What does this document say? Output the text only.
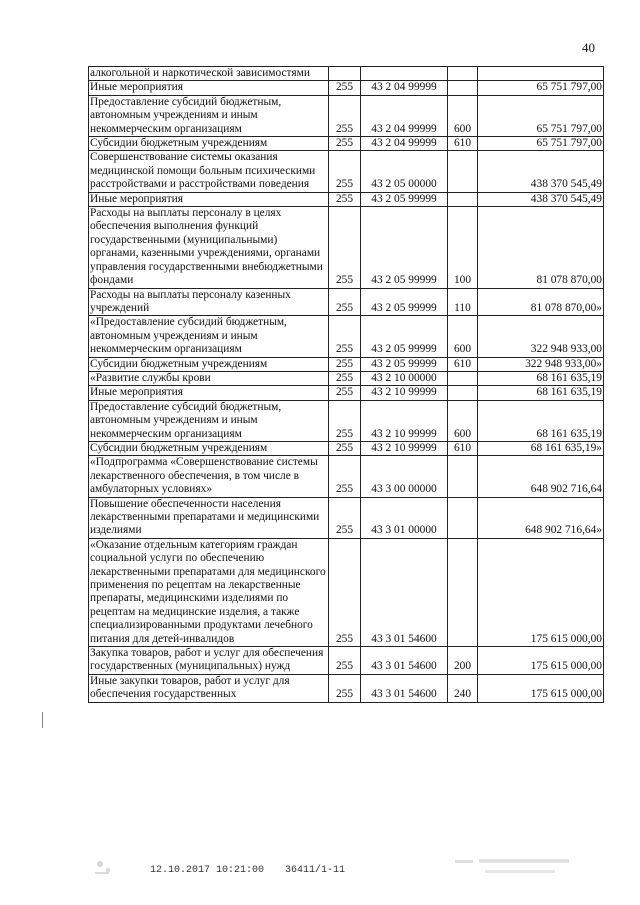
40
алкогольной и наркотической зависимостями				
Иные мероприятия	255	43 2 04 99999		65 751 797,00
Предоставление субсидий бюджетным, автономным учреждениям и иным некоммерческим организациям	255	43 2 04 99999	600	65 751 797,00
Субсидии бюджетным учреждениям	255	43 2 04 99999	610	65 751 797,00
Совершенствование системы оказания медицинской помощи больным психическими расстройствами и расстройствами поведения	255	43 2 05 00000		438 370 545,49
Иные мероприятия	255	43 2 05 99999		438 370 545,49
Расходы на выплаты персоналу в целях обеспечения выполнения функций государственными (муниципальными) органами, казенными учреждениями, органами управления государственными внебюджетными фондами	255	43 2 05 99999	100	81 078 870,00
Расходы на выплаты персоналу казенных учреждений	255	43 2 05 99999	110	81 078 870,00»
«Предоставление субсидий бюджетным, автономным учреждениям и иным некоммерческим организациям	255	43 2 05 99999	600	322 948 933,00
Субсидии бюджетным учреждениям	255	43 2 05 99999	610	322 948 933,00»
«Развитие службы крови	255	43 2 10 00000		68 161 635,19
Иные мероприятия	255	43 2 10 99999		68 161 635,19
Предоставление субсидий бюджетным, автономным учреждениям и иным некоммерческим организациям	255	43 2 10 99999	600	68 161 635,19
Субсидии бюджетным учреждениям	255	43 2 10 99999	610	68 161 635,19»
«Подпрограмма «Совершенствование системы лекарственного обеспечения, в том числе в амбулаторных условиях»	255	43 3 00 00000		648 902 716,64
Повышение обеспеченности населения лекарственными препаратами и медицинскими изделиями	255	43 3 01 00000		648 902 716,64»
«Оказание отдельным категориям граждан социальной услуги по обеспечению лекарственными препаратами для медицинского применения по рецептам на лекарственные препараты, медицинскими изделиями по рецептам на медицинские изделия, а также специализированными продуктами лечебного питания для детей-инвалидов	255	43 3 01 54600		175 615 000,00
Закупка товаров, работ и услуг для обеспечения государственных (муниципальных) нужд	255	43 3 01 54600	200	175 615 000,00
Иные закупки товаров, работ и услуг для обеспечения государственных	255	43 3 01 54600	240	175 615 000,00
12.10.2017 10:21:00 36411/1-11
